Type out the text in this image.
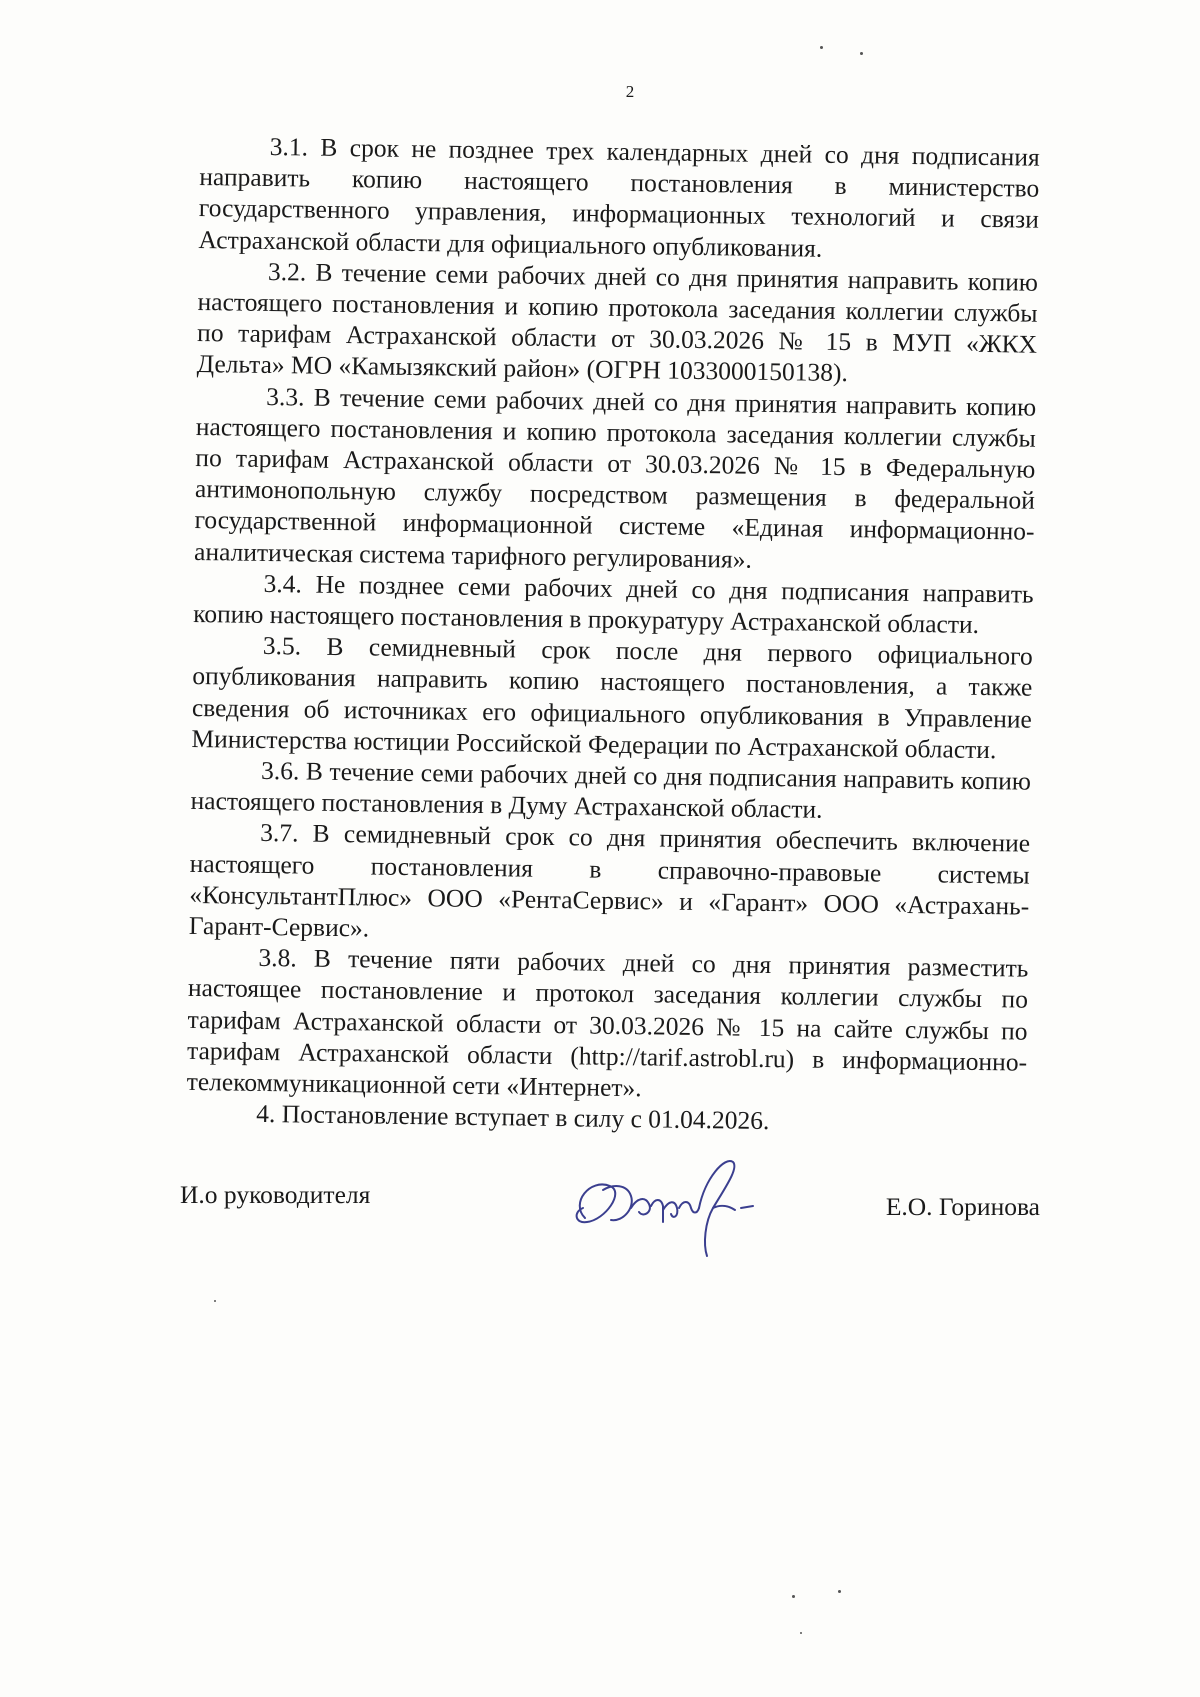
2

3.1. В срок не позднее трех календарных дней со дня подписания направить копию настоящего постановления в министерство государственного управления, информационных технологий и связи Астраханской области для официального опубликования.

3.2. В течение семи рабочих дней со дня принятия направить копию настоящего постановления и копию протокола заседания коллегии службы по тарифам Астраханской области от 30.03.2026 № 15 в МУП «ЖКХ Дельта» МО «Камызякский район» (ОГРН 1033000150138).

3.3. В течение семи рабочих дней со дня принятия направить копию настоящего постановления и копию протокола заседания коллегии службы по тарифам Астраханской области от 30.03.2026 № 15 в Федеральную антимонопольную службу посредством размещения в федеральной государственной информационной системе «Единая информационно-аналитическая система тарифного регулирования».

3.4. Не позднее семи рабочих дней со дня подписания направить копию настоящего постановления в прокуратуру Астраханской области.

3.5. В семидневный срок после дня первого официального опубликования направить копию настоящего постановления, а также сведения об источниках его официального опубликования в Управление Министерства юстиции Российской Федерации по Астраханской области.

3.6. В течение семи рабочих дней со дня подписания направить копию настоящего постановления в Думу Астраханской области.

3.7. В семидневный срок со дня принятия обеспечить включение настоящего постановления в справочно-правовые системы «КонсультантПлюс» ООО «РентаСервис» и «Гарант» ООО «Астрахань-Гарант-Сервис».

3.8. В течение пяти рабочих дней со дня принятия разместить настоящее постановление и протокол заседания коллегии службы по тарифам Астраханской области от 30.03.2026 № 15 на сайте службы по тарифам Астраханской области (http://tarif.astrobl.ru) в информационно-телекоммуникационной сети «Интернет».

4. Постановление вступает в силу с 01.04.2026.

И.о руководителя	Е.О. Горинова
